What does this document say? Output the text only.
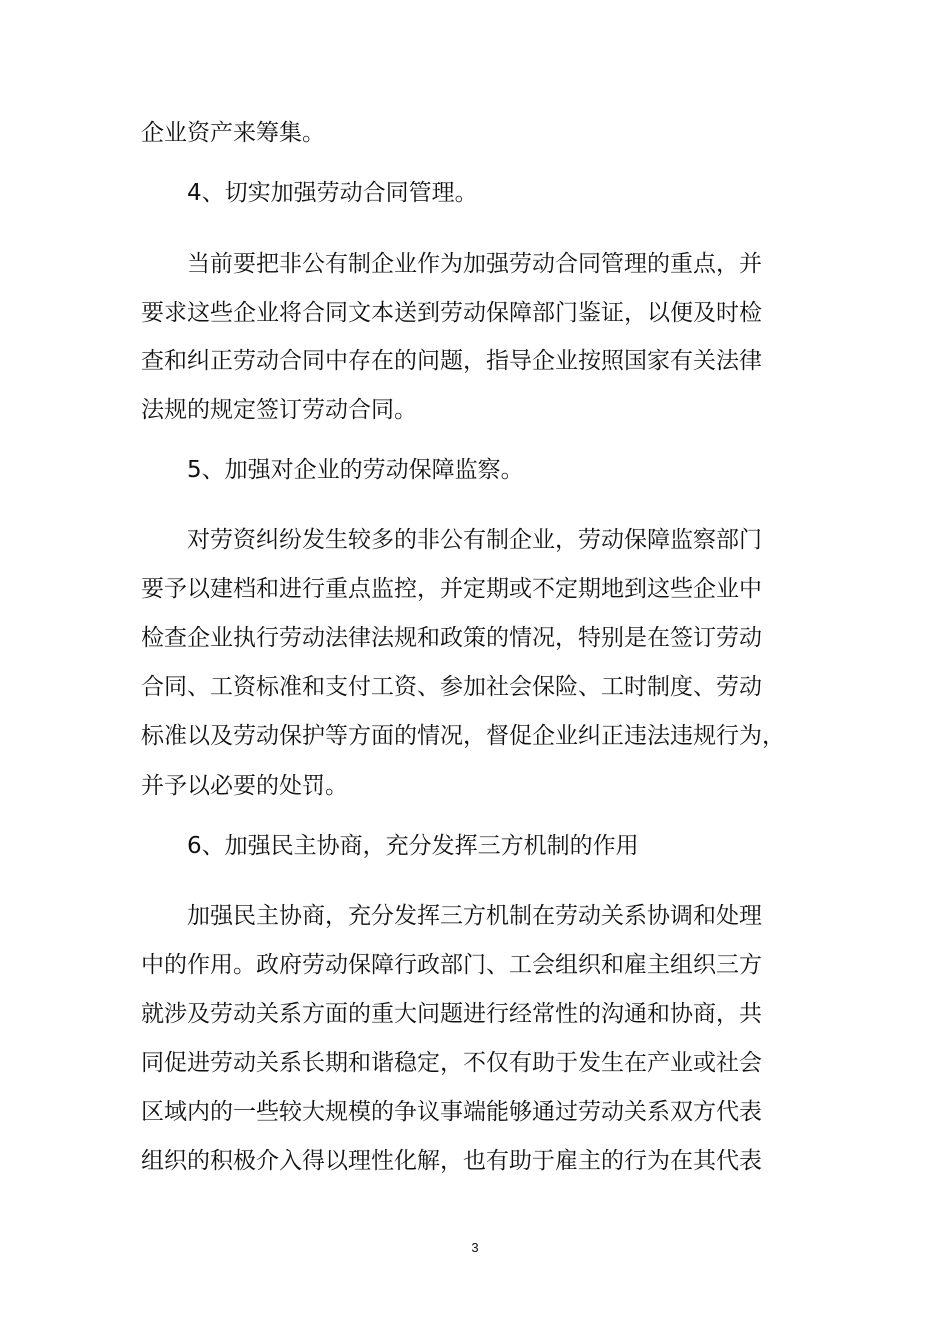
企业资产来筹集。
4、切实加强劳动合同管理。
当前要把非公有制企业作为加强劳动合同管理的重点，并
要求这些企业将合同文本送到劳动保障部门鉴证，以便及时检
查和纠正劳动合同中存在的问题，指导企业按照国家有关法律
法规的规定签订劳动合同。
5、加强对企业的劳动保障监察。
对劳资纠纷发生较多的非公有制企业，劳动保障监察部门
要予以建档和进行重点监控，并定期或不定期地到这些企业中
检查企业执行劳动法律法规和政策的情况，特别是在签订劳动
合同、工资标准和支付工资、参加社会保险、工时制度、劳动
标准以及劳动保护等方面的情况，督促企业纠正违法违规行为，
并予以必要的处罚。
6、加强民主协商，充分发挥三方机制的作用
加强民主协商，充分发挥三方机制在劳动关系协调和处理
中的作用。政府劳动保障行政部门、工会组织和雇主组织三方
就涉及劳动关系方面的重大问题进行经常性的沟通和协商，共
同促进劳动关系长期和谐稳定，不仅有助于发生在产业或社会
区域内的一些较大规模的争议事端能够通过劳动关系双方代表
组织的积极介入得以理性化解，也有助于雇主的行为在其代表
3
